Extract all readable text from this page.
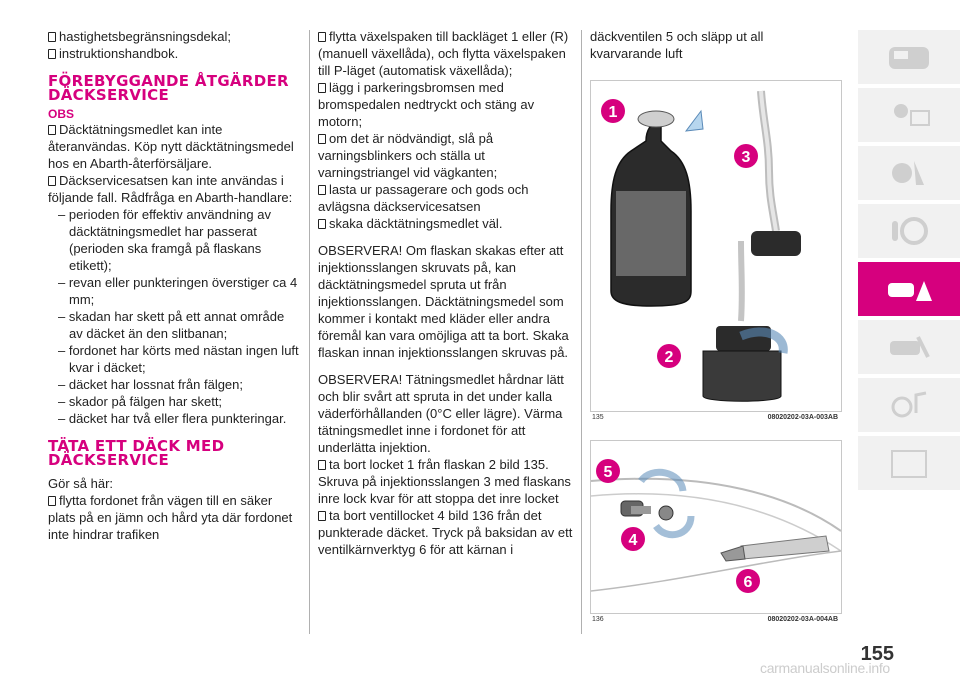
hastighetsbegränsningsdekal;

instruktionshandbok.

FÖREBYGGANDE ÅTGÄRDER DÄCKSERVICE
OBS

Däcktätningsmedlet kan inte återanvändas. Köp nytt däcktätningsmedel hos en Abarth-återförsäljare.

Däckservicesatsen kan inte användas i följande fall. Rådfråga en Abarth-handlare:

– perioden för effektiv användning av däcktätningsmedlet har passerat (perioden ska framgå på flaskans etikett);

– revan eller punkteringen överstiger ca 4 mm;

– skadan har skett på ett annat område av däcket än den slitbanan;

– fordonet har körts med nästan ingen luft kvar i däcket;

– däcket har lossnat från fälgen;

– skador på fälgen har skett;

– däcket har två eller flera punkteringar.

TÄTA ETT DÄCK MED DÄCKSERVICE

Gör så här:

flytta fordonet från vägen till en säker plats på en jämn och hård yta där fordonet inte hindrar trafiken

flytta växelspaken till backläget 1 eller (R) (manuell växellåda), och flytta växelspaken till P-läget (automatisk växellåda);

lägg i parkeringsbromsen med bromspedalen nedtryckt och stäng av motorn;

om det är nödvändigt, slå på varningsblinkers och ställa ut varningstriangel vid vägkanten;

lasta ur passagerare och gods och avlägsna däckservicesatsen

skaka däcktätningsmedlet väl.

OBSERVERA! Om flaskan skakas efter att injektionsslangen skruvats på, kan däcktätningsmedel spruta ut från injektionsslangen. Däcktätningsmedel som kommer i kontakt med kläder eller andra föremål kan vara omöjliga att ta bort. Skaka flaskan innan injektionsslangen skruvas på.

OBSERVERA! Tätningsmedlet hårdnar lätt och blir svårt att spruta in det under kalla väderförhållanden (0°C eller lägre). Värma tätningsmedlet inne i fordonet för att underlätta injektion.

ta bort locket 1 från flaskan 2 bild 135. Skruva på injektionsslangen 3 med flaskans inre lock kvar för att stoppa det inre locket

ta bort ventillocket 4 bild 136 från det punkterade däcket. Tryck på baksidan av ett ventilkärnverktyg 6 för att kärnan i

däckventilen 5 och släpp ut all kvarvarande luft

1
3
2
135	08020202-03A-003AB
5
4
6
136	08020202-03A-004AB
155
carmanualsonline.info
